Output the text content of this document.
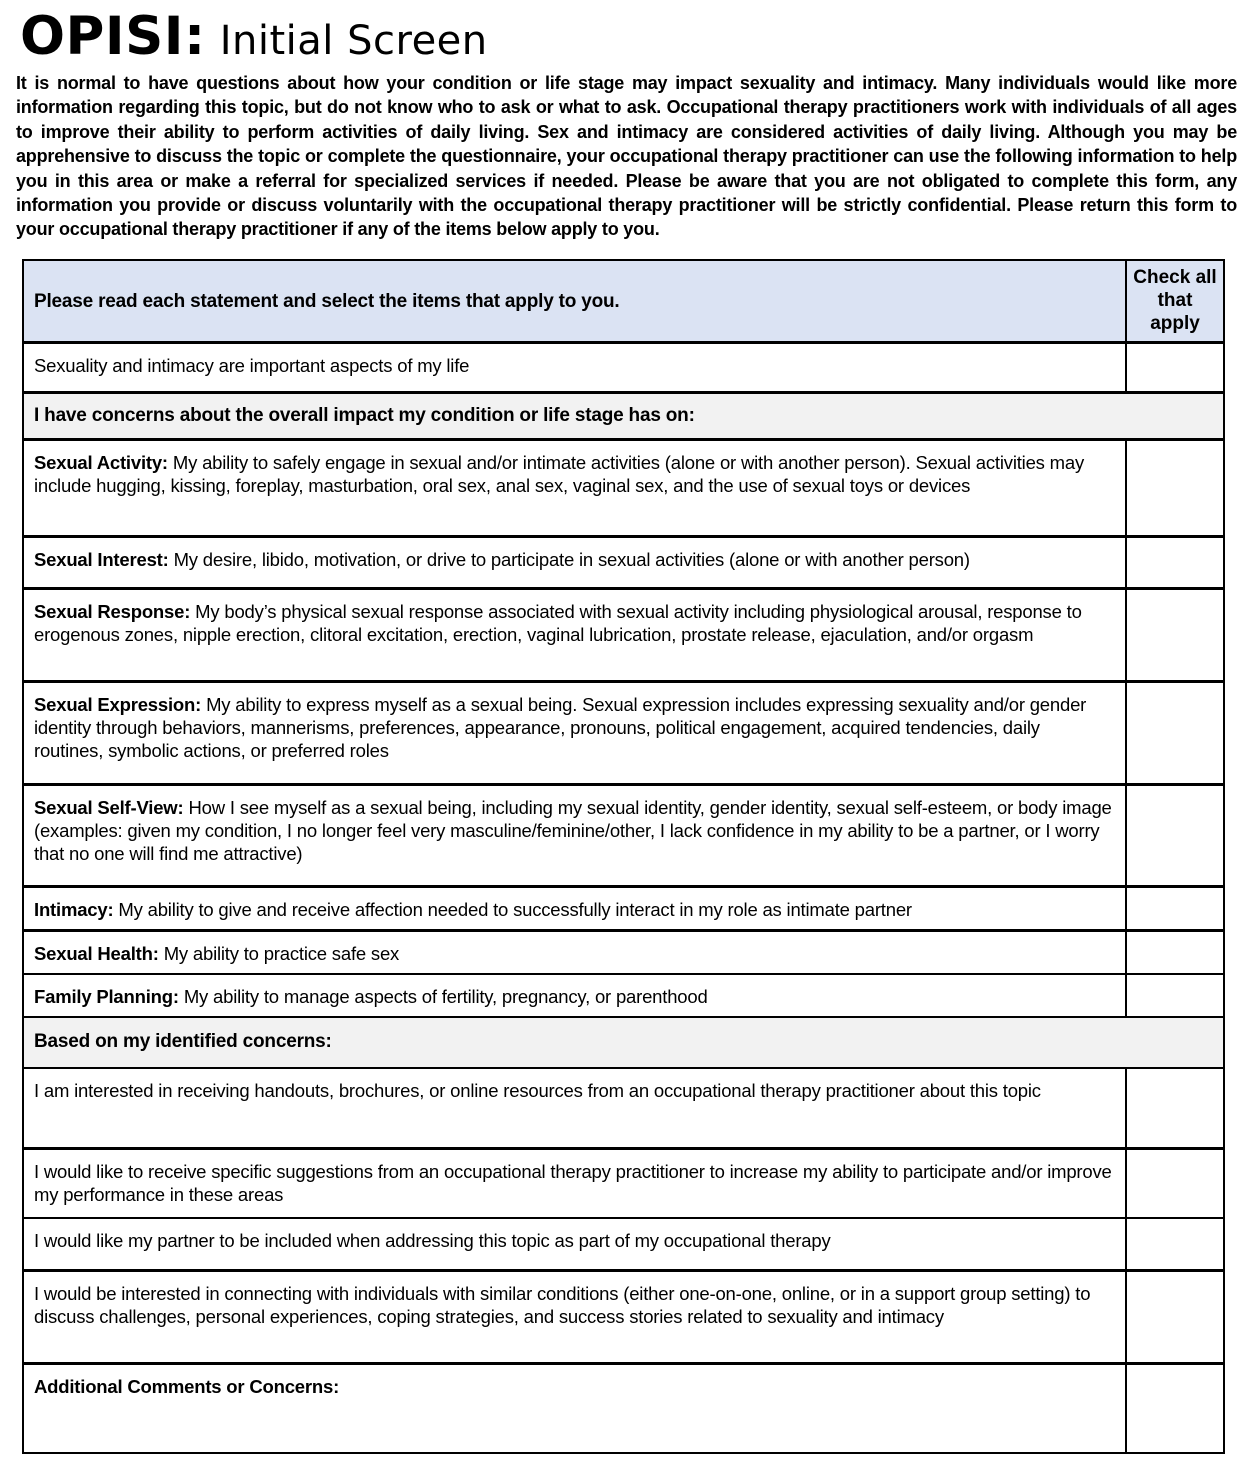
OPISI: Initial Screen

It is normal to have questions about how your condition or life stage may impact sexuality and intimacy. Many individuals would like more information regarding this topic, but do not know who to ask or what to ask. Occupational therapy practitioners work with individuals of all ages to improve their ability to perform activities of daily living. Sex and intimacy are considered activities of daily living. Although you may be apprehensive to discuss the topic or complete the questionnaire, your occupational therapy practitioner can use the following information to help you in this area or make a referral for specialized services if needed. Please be aware that you are not obligated to complete this form, any information you provide or discuss voluntarily with the occupational therapy practitioner will be strictly confidential. Please return this form to your occupational therapy practitioner if any of the items below apply to you.

Please read each statement and select the items that apply to you.
Check all that apply
Sexuality and intimacy are important aspects of my life
I have concerns about the overall impact my condition or life stage has on:
Sexual Activity: My ability to safely engage in sexual and/or intimate activities (alone or with another person). Sexual activities may include hugging, kissing, foreplay, masturbation, oral sex, anal sex, vaginal sex, and the use of sexual toys or devices
Sexual Interest: My desire, libido, motivation, or drive to participate in sexual activities (alone or with another person)
Sexual Response: My body’s physical sexual response associated with sexual activity including physiological arousal, response to erogenous zones, nipple erection, clitoral excitation, erection, vaginal lubrication, prostate release, ejaculation, and/or orgasm
Sexual Expression: My ability to express myself as a sexual being. Sexual expression includes expressing sexuality and/or gender identity through behaviors, mannerisms, preferences, appearance, pronouns, political engagement, acquired tendencies, daily routines, symbolic actions, or preferred roles
Sexual Self-View: How I see myself as a sexual being, including my sexual identity, gender identity, sexual self-esteem, or body image (examples: given my condition, I no longer feel very masculine/feminine/other, I lack confidence in my ability to be a partner, or I worry that no one will find me attractive)
Intimacy: My ability to give and receive affection needed to successfully interact in my role as intimate partner
Sexual Health: My ability to practice safe sex
Family Planning: My ability to manage aspects of fertility, pregnancy, or parenthood
Based on my identified concerns:
I am interested in receiving handouts, brochures, or online resources from an occupational therapy practitioner about this topic
I would like to receive specific suggestions from an occupational therapy practitioner to increase my ability to participate and/or improve my performance in these areas
I would like my partner to be included when addressing this topic as part of my occupational therapy
I would be interested in connecting with individuals with similar conditions (either one-on-one, online, or in a support group setting) to discuss challenges, personal experiences, coping strategies, and success stories related to sexuality and intimacy
Additional Comments or Concerns:
